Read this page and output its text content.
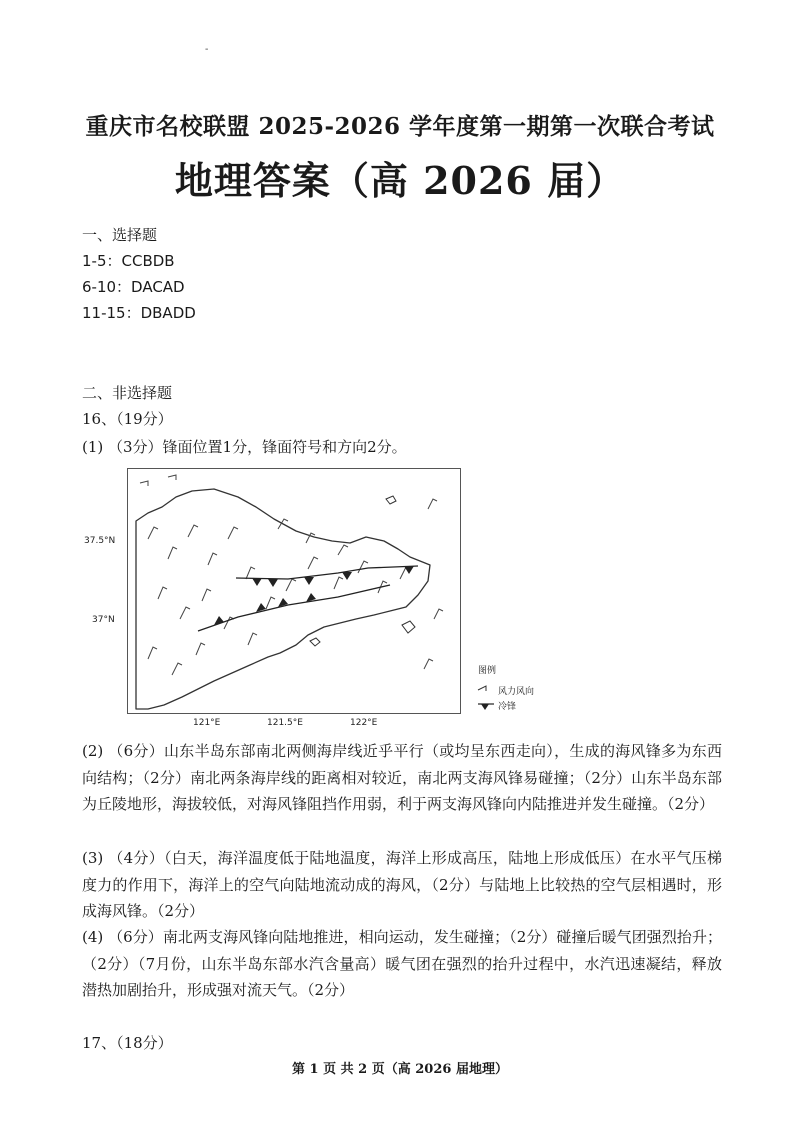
-
重庆市名校联盟 2025-2026 学年度第一期第一次联合考试
地理答案（高 2026 届）
一、选择题
1-5：CCBDB
6-10：DACAD
11-15：DBADD
二、非选择题
16、（19分）
(1) （3分）锋面位置1分，锋面符号和方向2分。
37.5°N
37°N
121°E	121.5°E	122°E
图例
风力风向
冷锋
(2) （6分）山东半岛东部南北两侧海岸线近乎平行（或均呈东西走向），生成的海风锋多为东西向结构；（2分）南北两条海岸线的距离相对较近，南北两支海风锋易碰撞；（2分）山东半岛东部为丘陵地形，海拔较低，对海风锋阻挡作用弱，利于两支海风锋向内陆推进并发生碰撞。（2分）
(3) （4分）（白天，海洋温度低于陆地温度，海洋上形成高压，陆地上形成低压）在水平气压梯度力的作用下，海洋上的空气向陆地流动成的海风，（2分）与陆地上比较热的空气层相遇时，形成海风锋。（2分）
(4) （6分）南北两支海风锋向陆地推进，相向运动，发生碰撞；（2分）碰撞后暖气团强烈抬升；（2分）（7月份，山东半岛东部水汽含量高）暖气团在强烈的抬升过程中，水汽迅速凝结，释放潜热加剧抬升，形成强对流天气。（2分）
17、（18分）
第 1 页 共 2 页（高 2026 届地理）
